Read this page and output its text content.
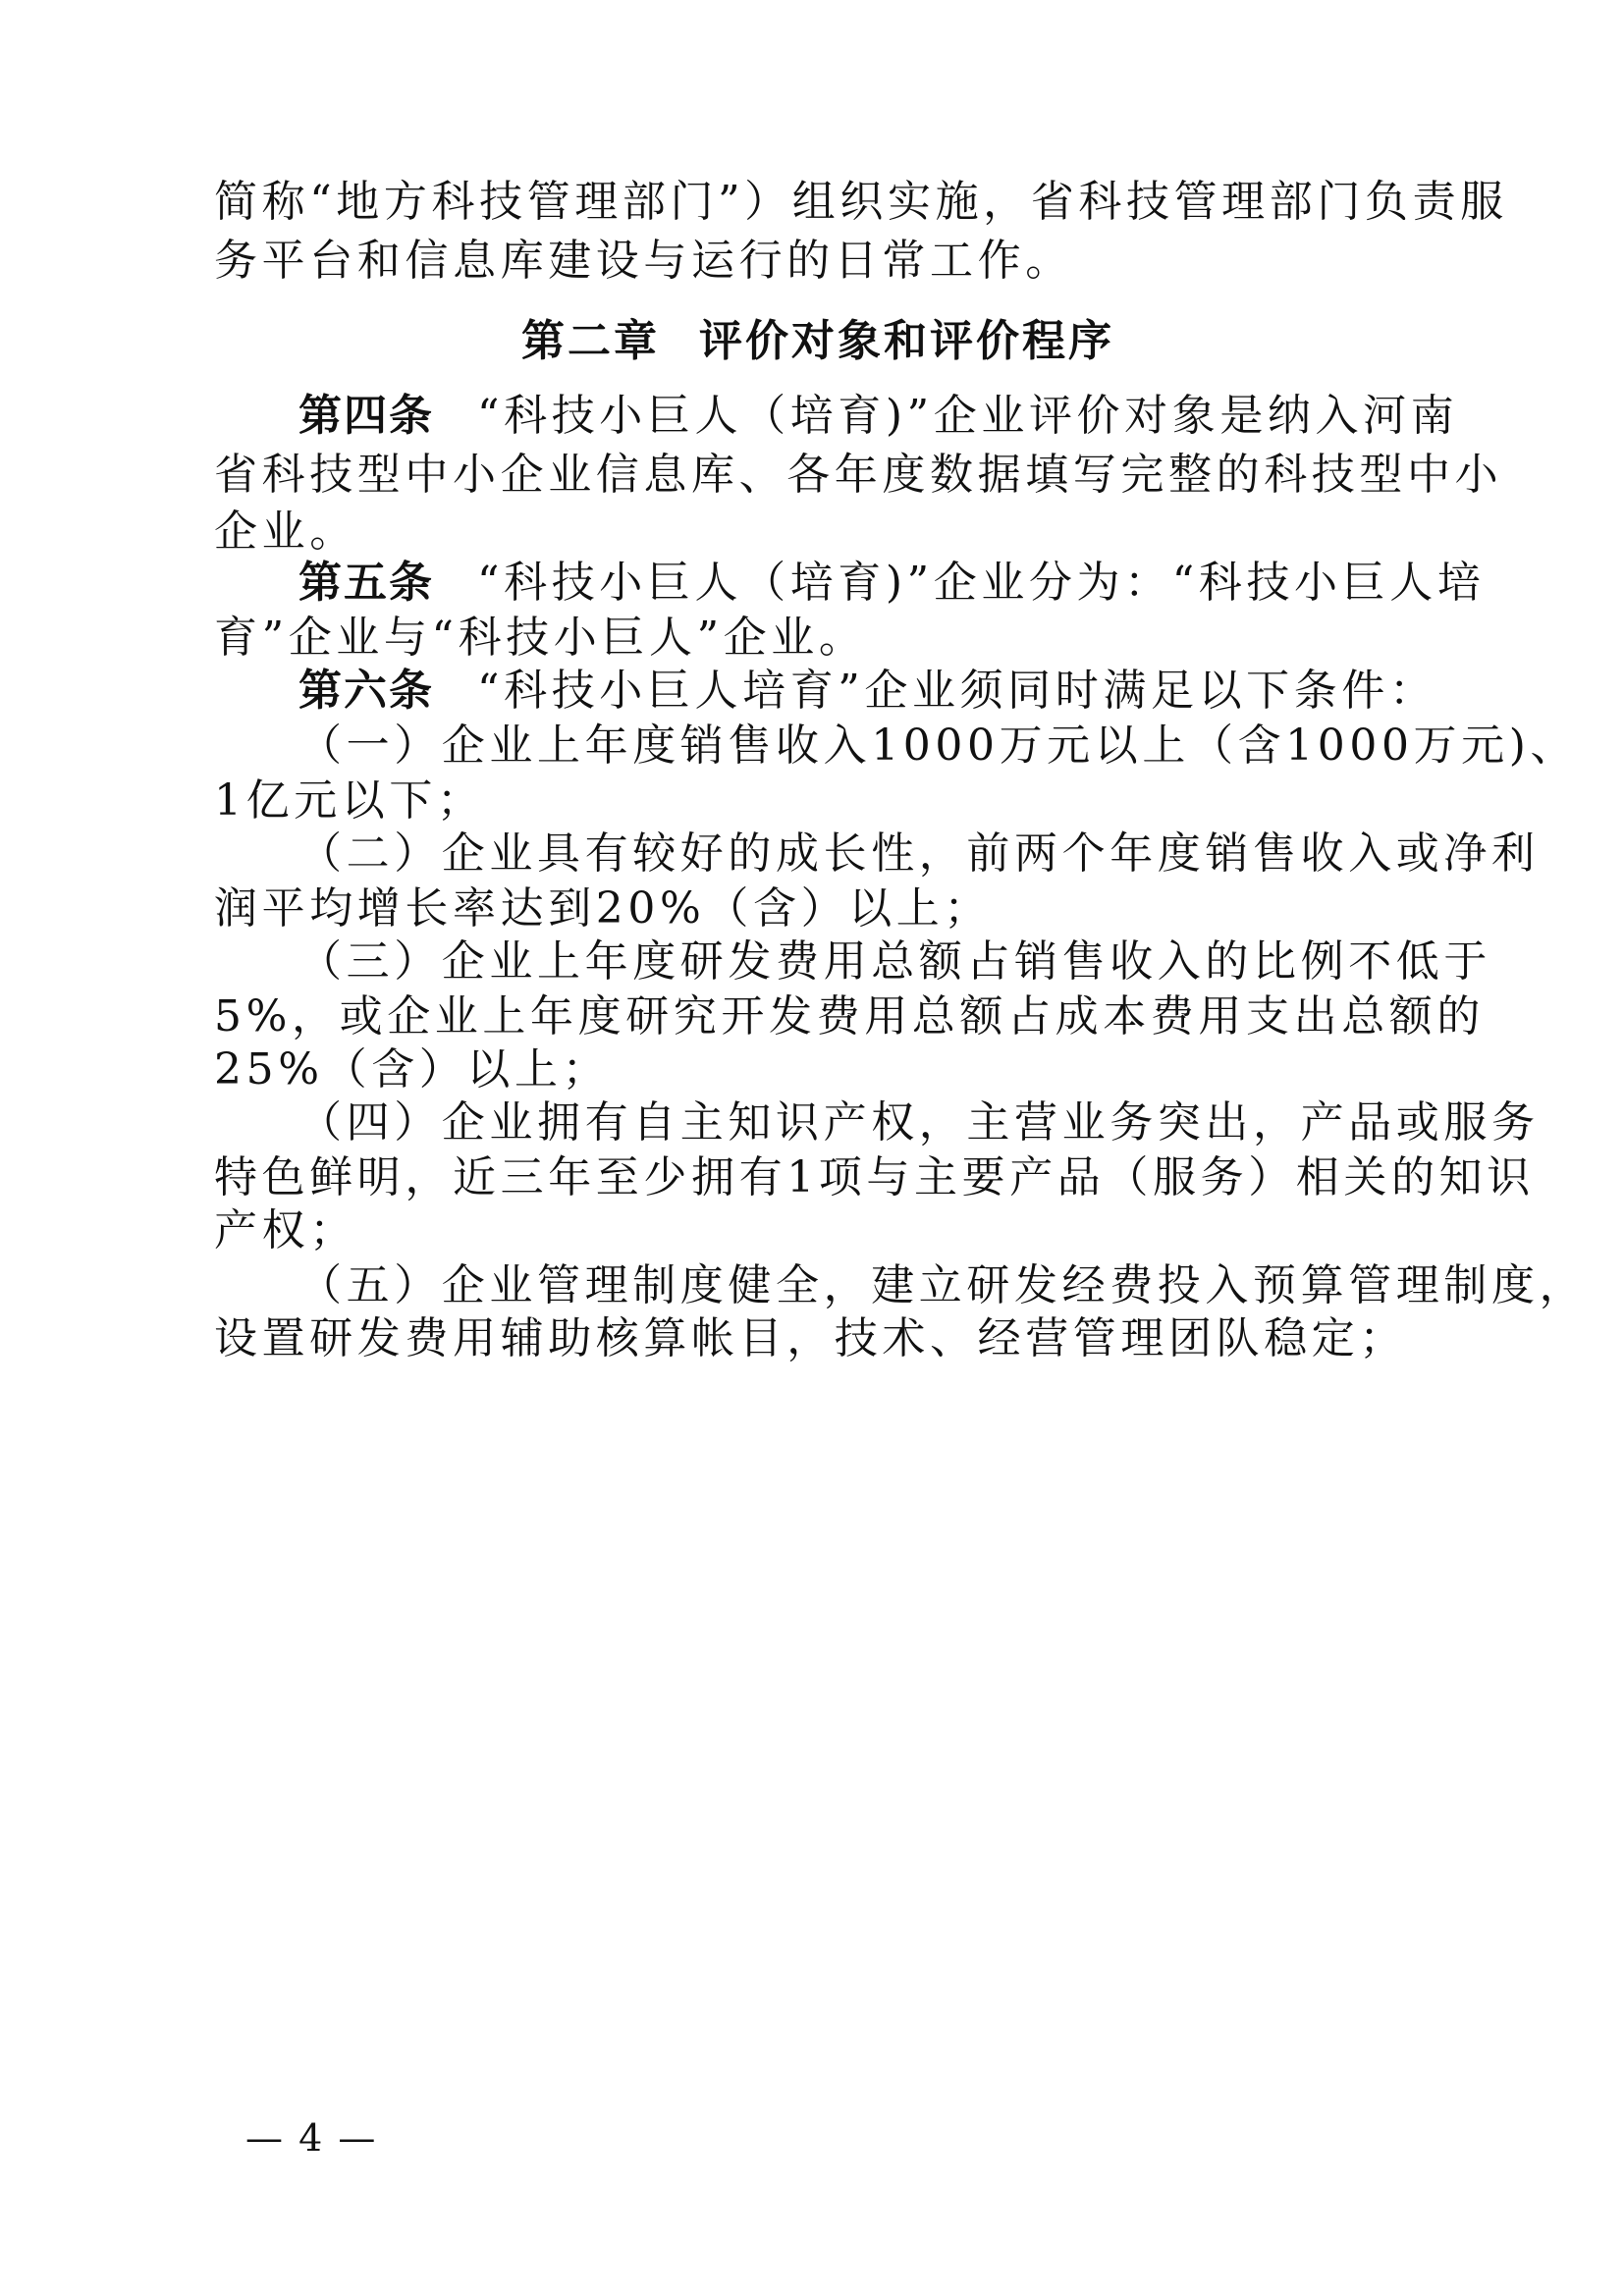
简称“地方科技管理部门”）组织实施，省科技管理部门负责服
务平台和信息库建设与运行的日常工作。
第二章 评价对象和评价程序
第四条 “科技小巨人（培育)”企业评价对象是纳入河南
省科技型中小企业信息库、各年度数据填写完整的科技型中小
企业。
第五条 “科技小巨人（培育)”企业分为：“科技小巨人培
育”企业与“科技小巨人”企业。
第六条 “科技小巨人培育”企业须同时满足以下条件：
（一）企业上年度销售收入1000万元以上（含1000万元)、
1亿元以下；
（二）企业具有较好的成长性，前两个年度销售收入或净利
润平均增长率达到20%（含）以上；
（三）企业上年度研发费用总额占销售收入的比例不低于
5%，或企业上年度研究开发费用总额占成本费用支出总额的
25%（含）以上；
（四）企业拥有自主知识产权，主营业务突出，产品或服务
特色鲜明，近三年至少拥有1项与主要产品（服务）相关的知识
产权；
（五）企业管理制度健全，建立研发经费投入预算管理制度，
设置研发费用辅助核算帐目，技术、经营管理团队稳定；
— 4 —
